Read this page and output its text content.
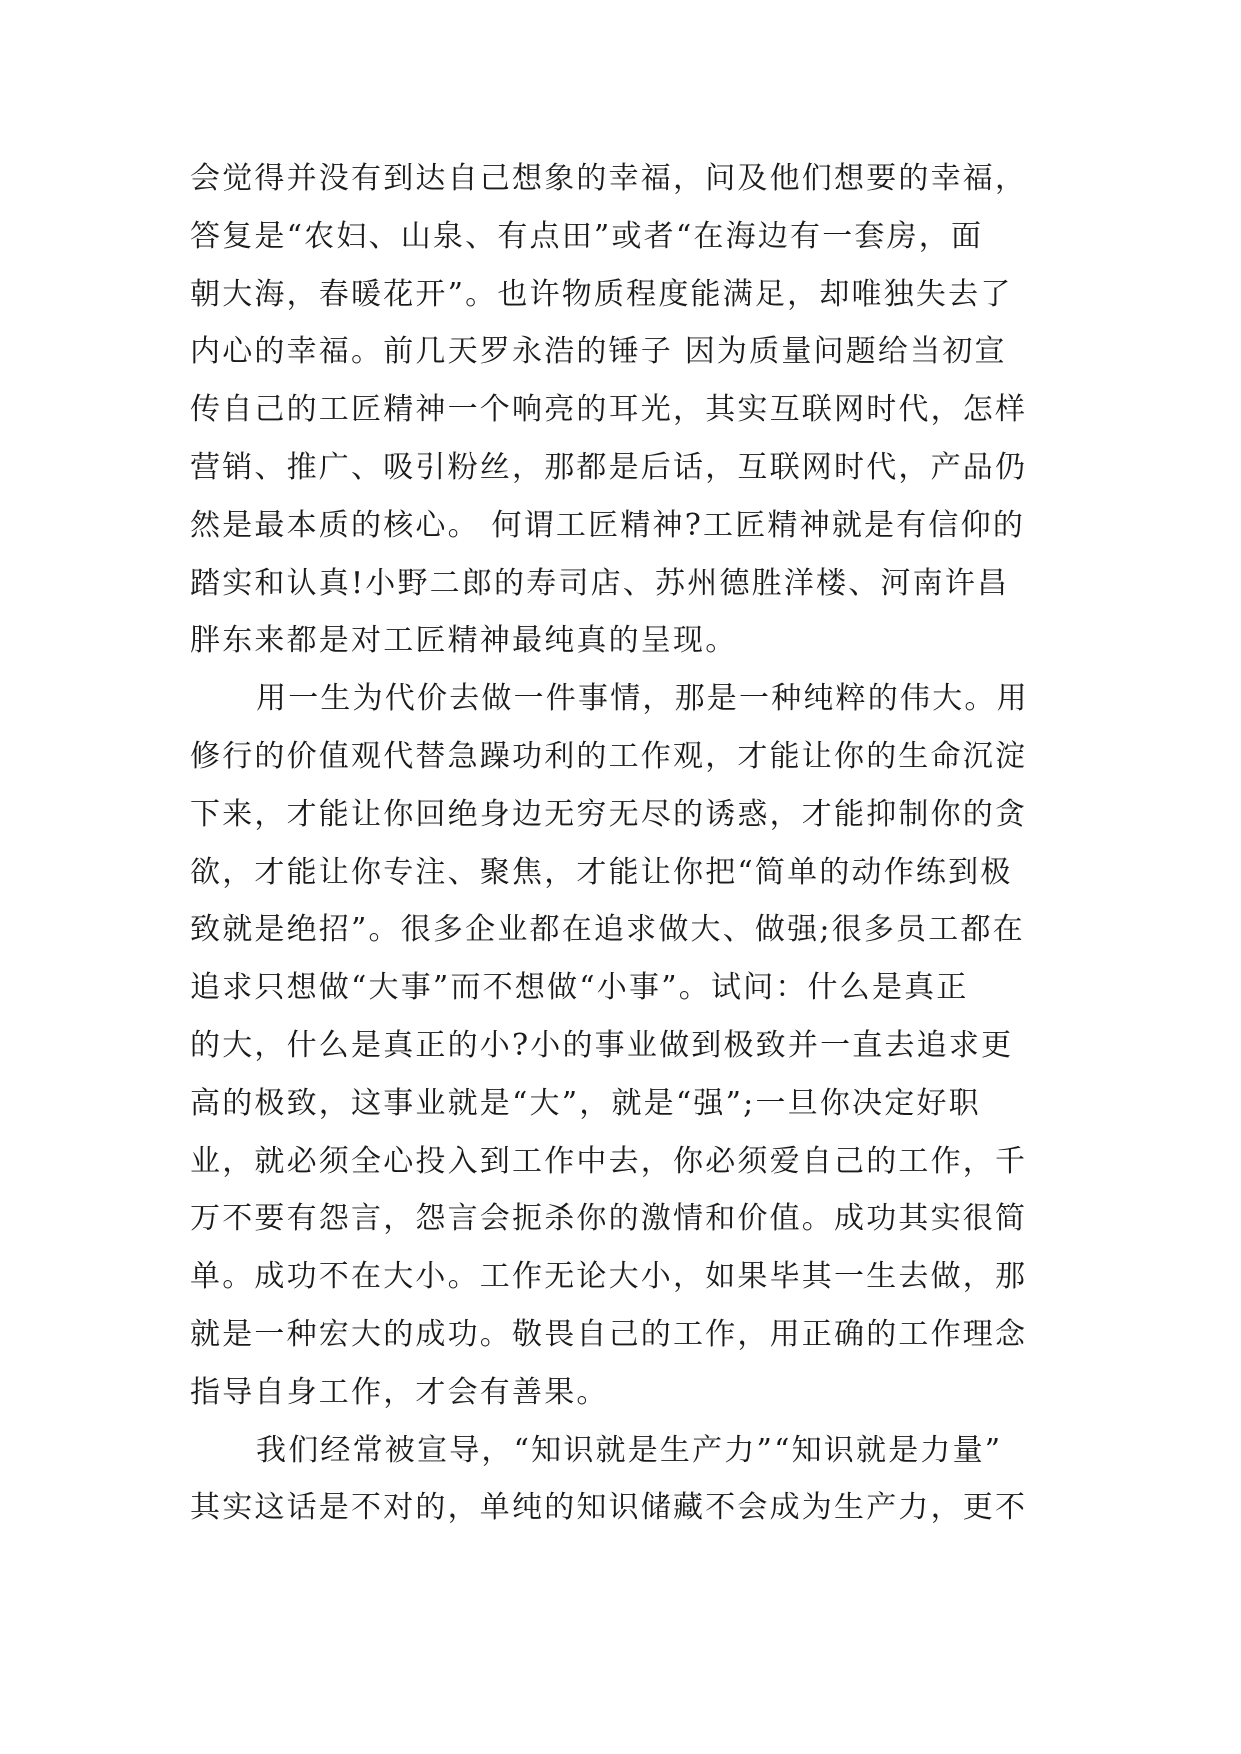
会觉得并没有到达自己想象的幸福，问及他们想要的幸福，
答复是“农妇、山泉、有点田”或者“在海边有一套房，面
朝大海，春暖花开”。也许物质程度能满足，却唯独失去了
内心的幸福。前几天罗永浩的锤子 因为质量问题给当初宣
传自己的工匠精神一个响亮的耳光，其实互联网时代，怎样
营销、推广、吸引粉丝，那都是后话，互联网时代，产品仍
然是最本质的核心。 何谓工匠精神?工匠精神就是有信仰的
踏实和认真!小野二郎的寿司店、苏州德胜洋楼、河南许昌
胖东来都是对工匠精神最纯真的呈现。
用一生为代价去做一件事情，那是一种纯粹的伟大。用
修行的价值观代替急躁功利的工作观，才能让你的生命沉淀
下来，才能让你回绝身边无穷无尽的诱惑，才能抑制你的贪
欲，才能让你专注、聚焦，才能让你把“简单的动作练到极
致就是绝招”。很多企业都在追求做大、做强;很多员工都在
追求只想做“大事”而不想做“小事”。试问：什么是真正
的大，什么是真正的小?小的事业做到极致并一直去追求更
高的极致，这事业就是“大”，就是“强”;一旦你决定好职
业，就必须全心投入到工作中去，你必须爱自己的工作，千
万不要有怨言，怨言会扼杀你的激情和价值。成功其实很简
单。成功不在大小。工作无论大小，如果毕其一生去做，那
就是一种宏大的成功。敬畏自己的工作，用正确的工作理念
指导自身工作，才会有善果。
我们经常被宣导，“知识就是生产力”“知识就是力量”
其实这话是不对的，单纯的知识储藏不会成为生产力，更不
